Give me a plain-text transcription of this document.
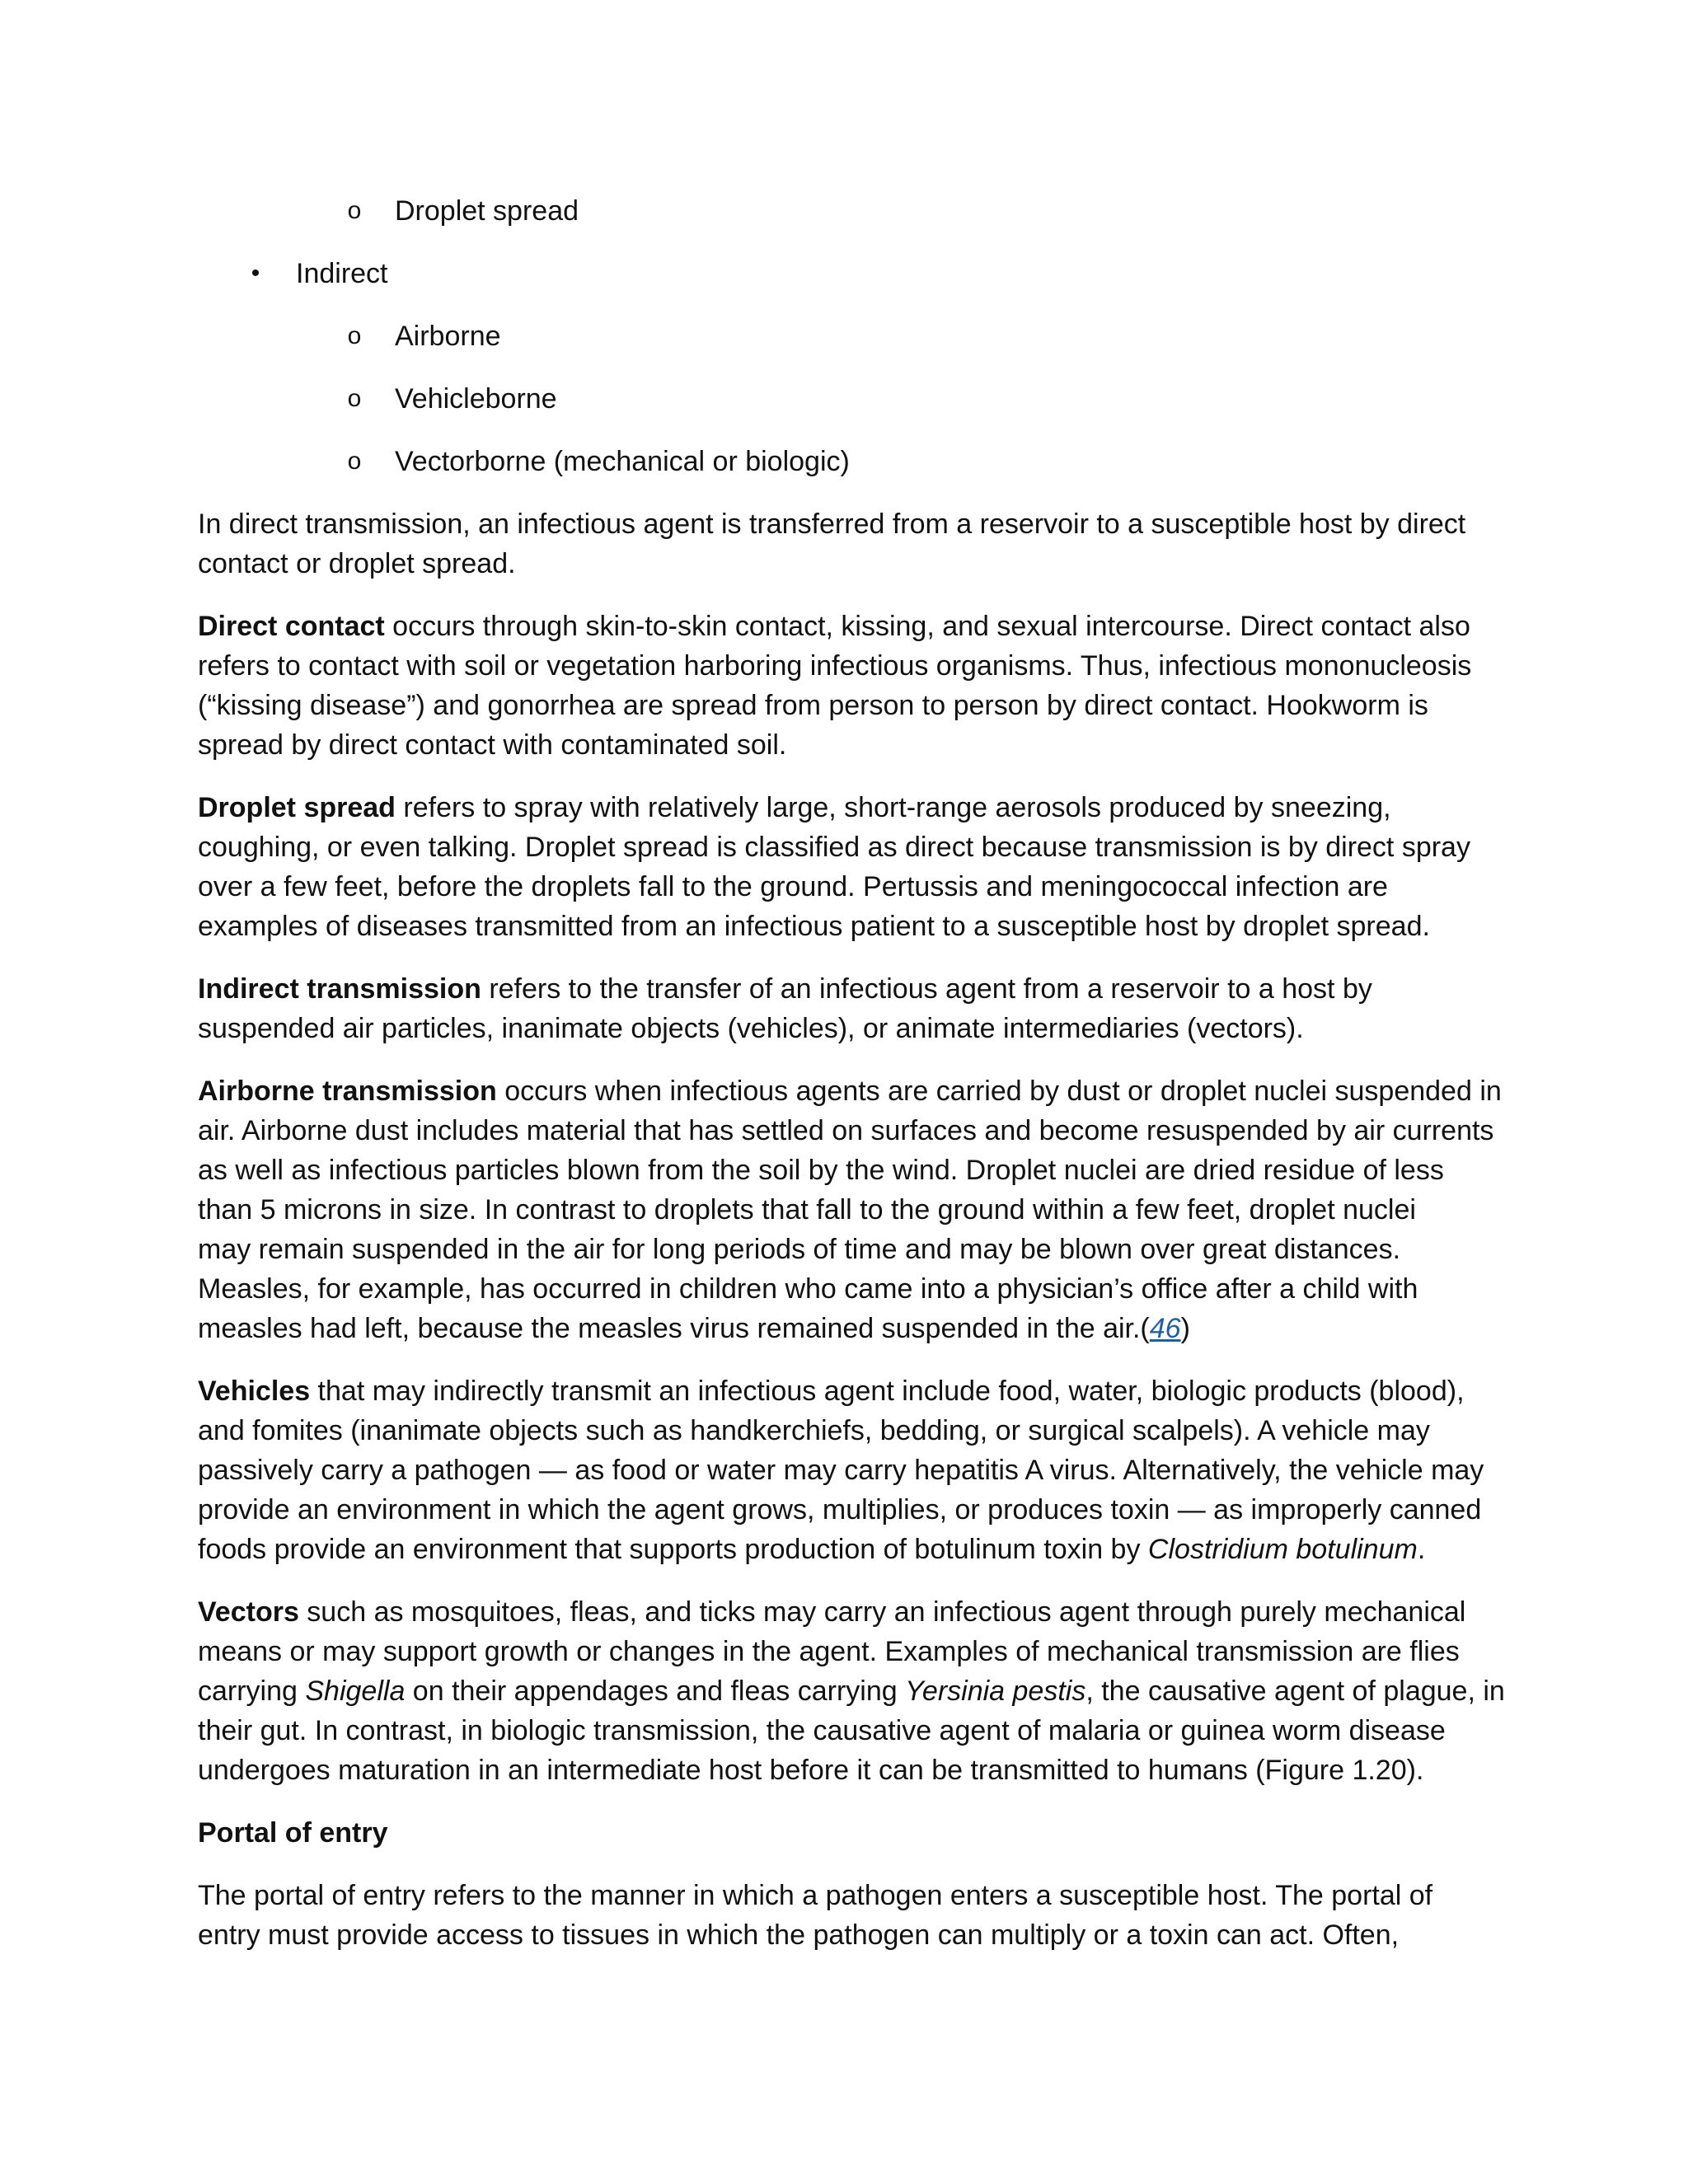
o	Droplet spread
•	Indirect
o	Airborne
o	Vehicleborne
o	Vectorborne (mechanical or biologic)

In direct transmission, an infectious agent is transferred from a reservoir to a susceptible host by direct
contact or droplet spread.

Direct contact occurs through skin-to-skin contact, kissing, and sexual intercourse. Direct contact also
refers to contact with soil or vegetation harboring infectious organisms. Thus, infectious mononucleosis
(“kissing disease”) and gonorrhea are spread from person to person by direct contact. Hookworm is
spread by direct contact with contaminated soil.

Droplet spread refers to spray with relatively large, short-range aerosols produced by sneezing,
coughing, or even talking. Droplet spread is classified as direct because transmission is by direct spray
over a few feet, before the droplets fall to the ground. Pertussis and meningococcal infection are
examples of diseases transmitted from an infectious patient to a susceptible host by droplet spread.

Indirect transmission refers to the transfer of an infectious agent from a reservoir to a host by
suspended air particles, inanimate objects (vehicles), or animate intermediaries (vectors).

Airborne transmission occurs when infectious agents are carried by dust or droplet nuclei suspended in
air. Airborne dust includes material that has settled on surfaces and become resuspended by air currents
as well as infectious particles blown from the soil by the wind. Droplet nuclei are dried residue of less
than 5 microns in size. In contrast to droplets that fall to the ground within a few feet, droplet nuclei
may remain suspended in the air for long periods of time and may be blown over great distances.
Measles, for example, has occurred in children who came into a physician’s office after a child with
measles had left, because the measles virus remained suspended in the air.(46)

Vehicles that may indirectly transmit an infectious agent include food, water, biologic products (blood),
and fomites (inanimate objects such as handkerchiefs, bedding, or surgical scalpels). A vehicle may
passively carry a pathogen — as food or water may carry hepatitis A virus. Alternatively, the vehicle may
provide an environment in which the agent grows, multiplies, or produces toxin — as improperly canned
foods provide an environment that supports production of botulinum toxin by Clostridium botulinum.

Vectors such as mosquitoes, fleas, and ticks may carry an infectious agent through purely mechanical
means or may support growth or changes in the agent. Examples of mechanical transmission are flies
carrying Shigella on their appendages and fleas carrying Yersinia pestis, the causative agent of plague, in
their gut. In contrast, in biologic transmission, the causative agent of malaria or guinea worm disease
undergoes maturation in an intermediate host before it can be transmitted to humans (Figure 1.20).

Portal of entry

The portal of entry refers to the manner in which a pathogen enters a susceptible host. The portal of
entry must provide access to tissues in which the pathogen can multiply or a toxin can act. Often,
